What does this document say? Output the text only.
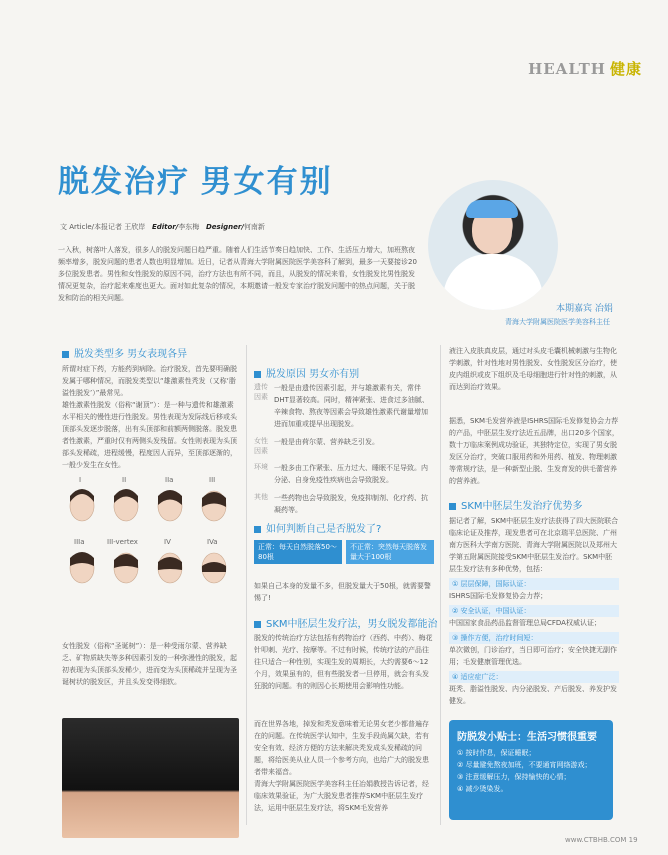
HEALTH 健康
脱发治疗 男女有别
文 Article/本报记者 王欣岸 Editor/李东梅 Designer/何南新
一入秋，树落叶人落发，很多人的脱发问题日趋严重。随着人们生活节奏日趋加快、工作、生活压力增大，加班熬夜频率增多，脱发问题的患者人数也明显增加。近日，记者从青海大学附属医院医学美容科了解到，最多一天要接诊20多位脱发患者。男性和女性脱发的原因不同，治疗方法也有所不同，而且，从脱发的情况来看，女性脱发比男性脱发情况更复杂，治疗起来难度也更大。面对如此复杂的情况，本期邀请一般发专家治疗脱发问题中的热点问题，关于脱发和防治的相关问题。
本期嘉宾 冶娟
青海大学附属医院医学美容科主任
脱发类型多 男女表现各异
所谓对症下药，方能药到病除。治疗脱发，首先要明确脱发属于哪种情况，而脱发类型以“雄激素性秃发（又称‘脂溢性脱发’）”最常见。
雄性激素性脱发（俗称“谢顶”）：是一种与遗传和雄激素水平相关的慢性进行性脱发。男性表现为发际线后移或头顶部头发逐步脱落，出有头顶部和前额两侧脱落。脱发患者性激素，严重时仅有两侧头发残留。女性则表现为头顶部头发稀疏，进程缓慢，程度因人而异，至顶部逐渐的，一般少发生在女性。
I	II	IIa	III
IIIa	III-vertex	IV	IVa
女性脱发（俗称“圣诞树”）：是一种受雨尔蒙、营养缺乏、矿物质缺失等多种因素引发的一种弥漫性的脱发，起初表现为头顶部头发稀少，进而变为头顶稀疏并呈现为圣诞树状的脱发区，并且头发变得细软。
脱发原因 男女亦有别
遗传因素
一般是由遗传因素引起，并与雄激素有关，常伴DHT显著较高。同时，精神紧张、进食过多油腻、辛辣食物、熬夜等因素会导致雄性激素代谢量增加进而加重或提早出现脱发。
女性因素
一般是由荷尔蒙、营养缺乏引发。
环境 一般多由工作紧张、压力过大、睡眠不足导致。内分泌、自身免疫性疾病也会导致脱发。
其他 一些药物也会导致脱发，免疫抑制剂、化疗药、抗凝药等。
如何判断自己是否脱发了?
正常：每天自然脱落50～80根
不正常：突然每天脱落发量大于100根
如果自己本身的发量不多，但脱发量大于50根，就需要警惕了!
SKM中胚层生发疗法，男女脱发都能治
脱发的传统治疗方法包括有药物治疗（西药、中药）、梅花针叩刺、光疗、按摩等。不过有时候，传统疗法的产品往往只适合一种性别，实现生发的周期长，大约需要6～12个月，效果虽有的，但有些脱发者一旦停用，就会有头发狂脱的问题。有的则因心长期使用会影响性功能。
而在世界各地，掉发和秃发意味着无论男女老少都普遍存在的问题。在传统医学认知中，生发手段尚属欠缺，若有安全有效、经济方便的方法来解决秃发成头发稀疏的问题，将给医美从业人员一个参考方向，也给广大的脱发患者带来福音。
青海大学附属医院医学美容科主任冶娟教授告诉记者，经临床效果验证，为广大脱发患者推荐SKM中胚层生发疗法，运用中胚层生发疗法，将SKM毛发营养
液注入皮肤真皮层，通过对头皮毛囊机械刺激与生物化学刺激，针对性地对男性脱发、女性脱发区分治疗，使皮内组织或皮下组织及毛母细胞进行针对性的刺激，从而达到治疗效果。
据悉，SKM毛发营养液是ISHRS国际毛发修复协会力荐的产品，中胚层生发疗法近五品牌，出口20多个国家，数十万临床案例成功验证，其独特定位，实现了男女脱发区分治疗，突破口服用药和外用药、植发、物理刺激等常规疗法，是一种新型止脱、生发育发的供毛蕾营养的营养液。
SKM中胚层生发治疗优势多
据记者了解，SKM中胚层生发疗法获得了四大医院联合临床论证及推荐，现发患者可在北京瑞平总医院、广州南方医科大学南方医院、青海大学附属医院以及郑州大学第五附属医院接受SKM中胚层生发治疗。SKM中胚层生发疗法有多种优势，包括：
① 层层保障，国际认证：
ISHRS国际毛发修复协会力荐；
② 安全认证，中国认证：
中国国家食品药品监督管理总局CFDA权威认证；
③ 操作方便，治疗时间短：
单次微创，门诊治疗，当日即可治疗；安全快捷无副作用；毛发健康管理优选。
④ 适应症广泛：
斑秃、脂溢性脱发、内分泌脱发、产后脱发、养发护发健发。
防脱发小贴士：生活习惯很重要
① 按时作息，保证睡眠；
② 尽量避免熬夜加班，不要通宵网络游戏；
③ 注意缓解压力，保持愉快的心情；
④ 减少烫染发。
www.CTBHB.COM 19
